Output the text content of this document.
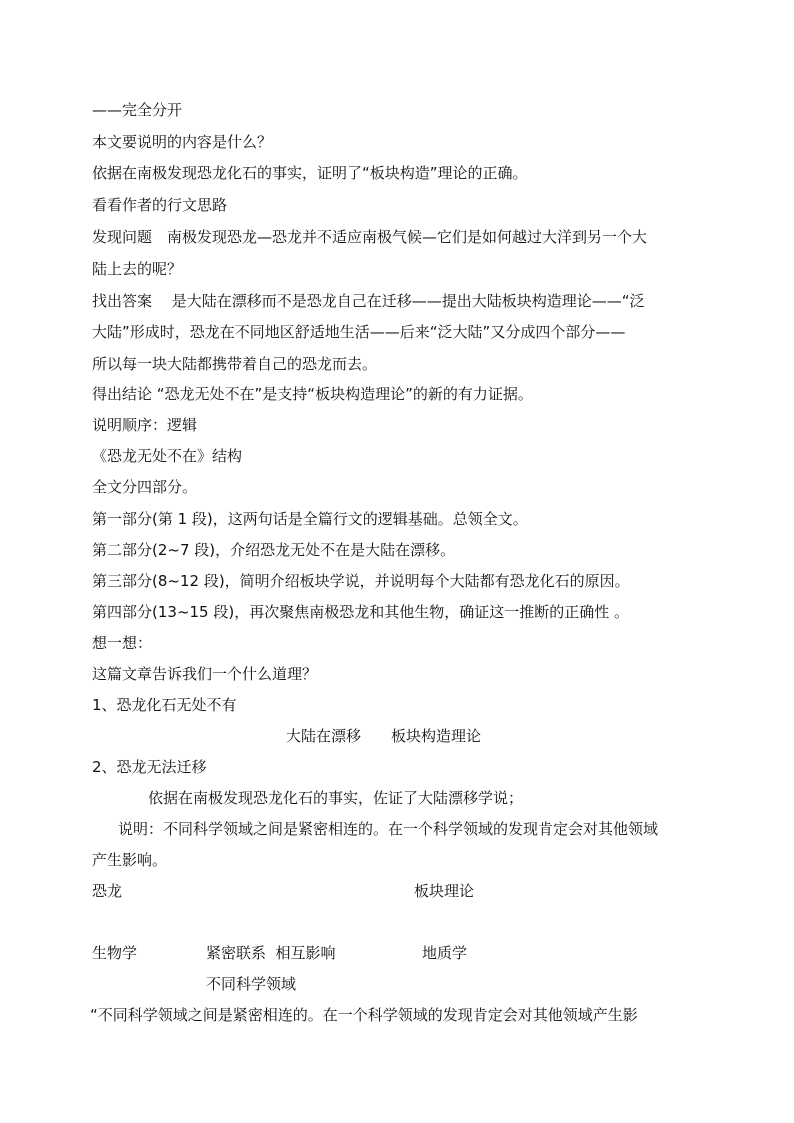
——完全分开
本文要说明的内容是什么？
依据在南极发现恐龙化石的事实，证明了“板块构造”理论的正确。
看看作者的行文思路
发现问题　南极发现恐龙—恐龙并不适应南极气候—它们是如何越过大洋到另一个大
陆上去的呢？
找出答案　 是大陆在漂移而不是恐龙自己在迁移——提出大陆板块构造理论——“泛
大陆”形成时，恐龙在不同地区舒适地生活——后来“泛大陆”又分成四个部分——
所以每一块大陆都携带着自己的恐龙而去。
得出结论 “恐龙无处不在”是支持“板块构造理论”的新的有力证据。
说明顺序：逻辑
《恐龙无处不在》结构
全文分四部分。
第一部分(第 1 段)，这两句话是全篇行文的逻辑基础。总领全文。
第二部分(2~7 段)，介绍恐龙无处不在是大陆在漂移。
第三部分(8~12 段)，简明介绍板块学说，并说明每个大陆都有恐龙化石的原因。
第四部分(13~15 段)，再次聚焦南极恐龙和其他生物，确证这一推断的正确性 。
想一想：
这篇文章告诉我们一个什么道理？
1、恐龙化石无处不有
大陆在漂移　　板块构造理论
2、恐龙无法迁移
依据在南极发现恐龙化石的事实，佐证了大陆漂移学说；
说明：不同科学领域之间是紧密相连的。在一个科学领域的发现肯定会对其他领域
产生影响。
恐龙	板块理论
生物学	紧密联系  相互影响	地质学
不同科学领域
“不同科学领域之间是紧密相连的。在一个科学领域的发现肯定会对其他领域产生影
